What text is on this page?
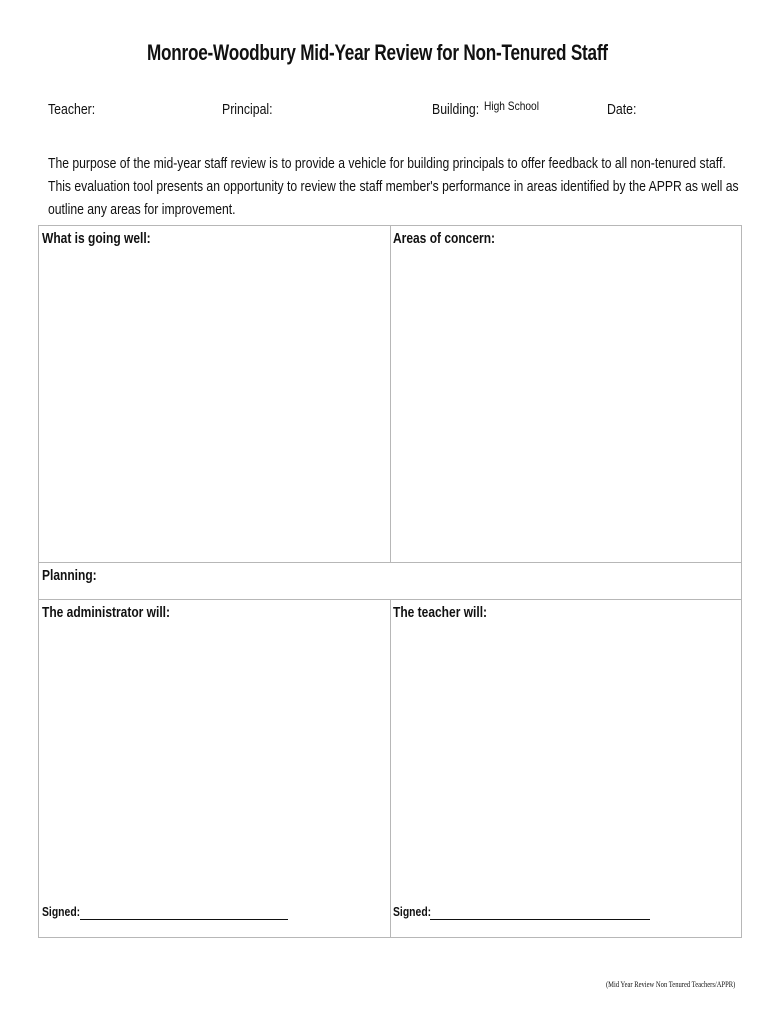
Monroe-Woodbury Mid-Year Review for Non-Tenured Staff
Teacher:	Principal:	Building: High School	Date:

The purpose of the mid-year staff review is to provide a vehicle for building principals to offer feedback to all non-tenured staff.

This evaluation tool presents an opportunity to review the staff member's performance in areas identified by the APPR as well as

outline any areas for improvement.

What is going well:	Areas of concern:
Planning:
The administrator will:	The teacher will:
Signed:	Signed:
(Mid Year Review Non Tenured Teachers/APPR)
